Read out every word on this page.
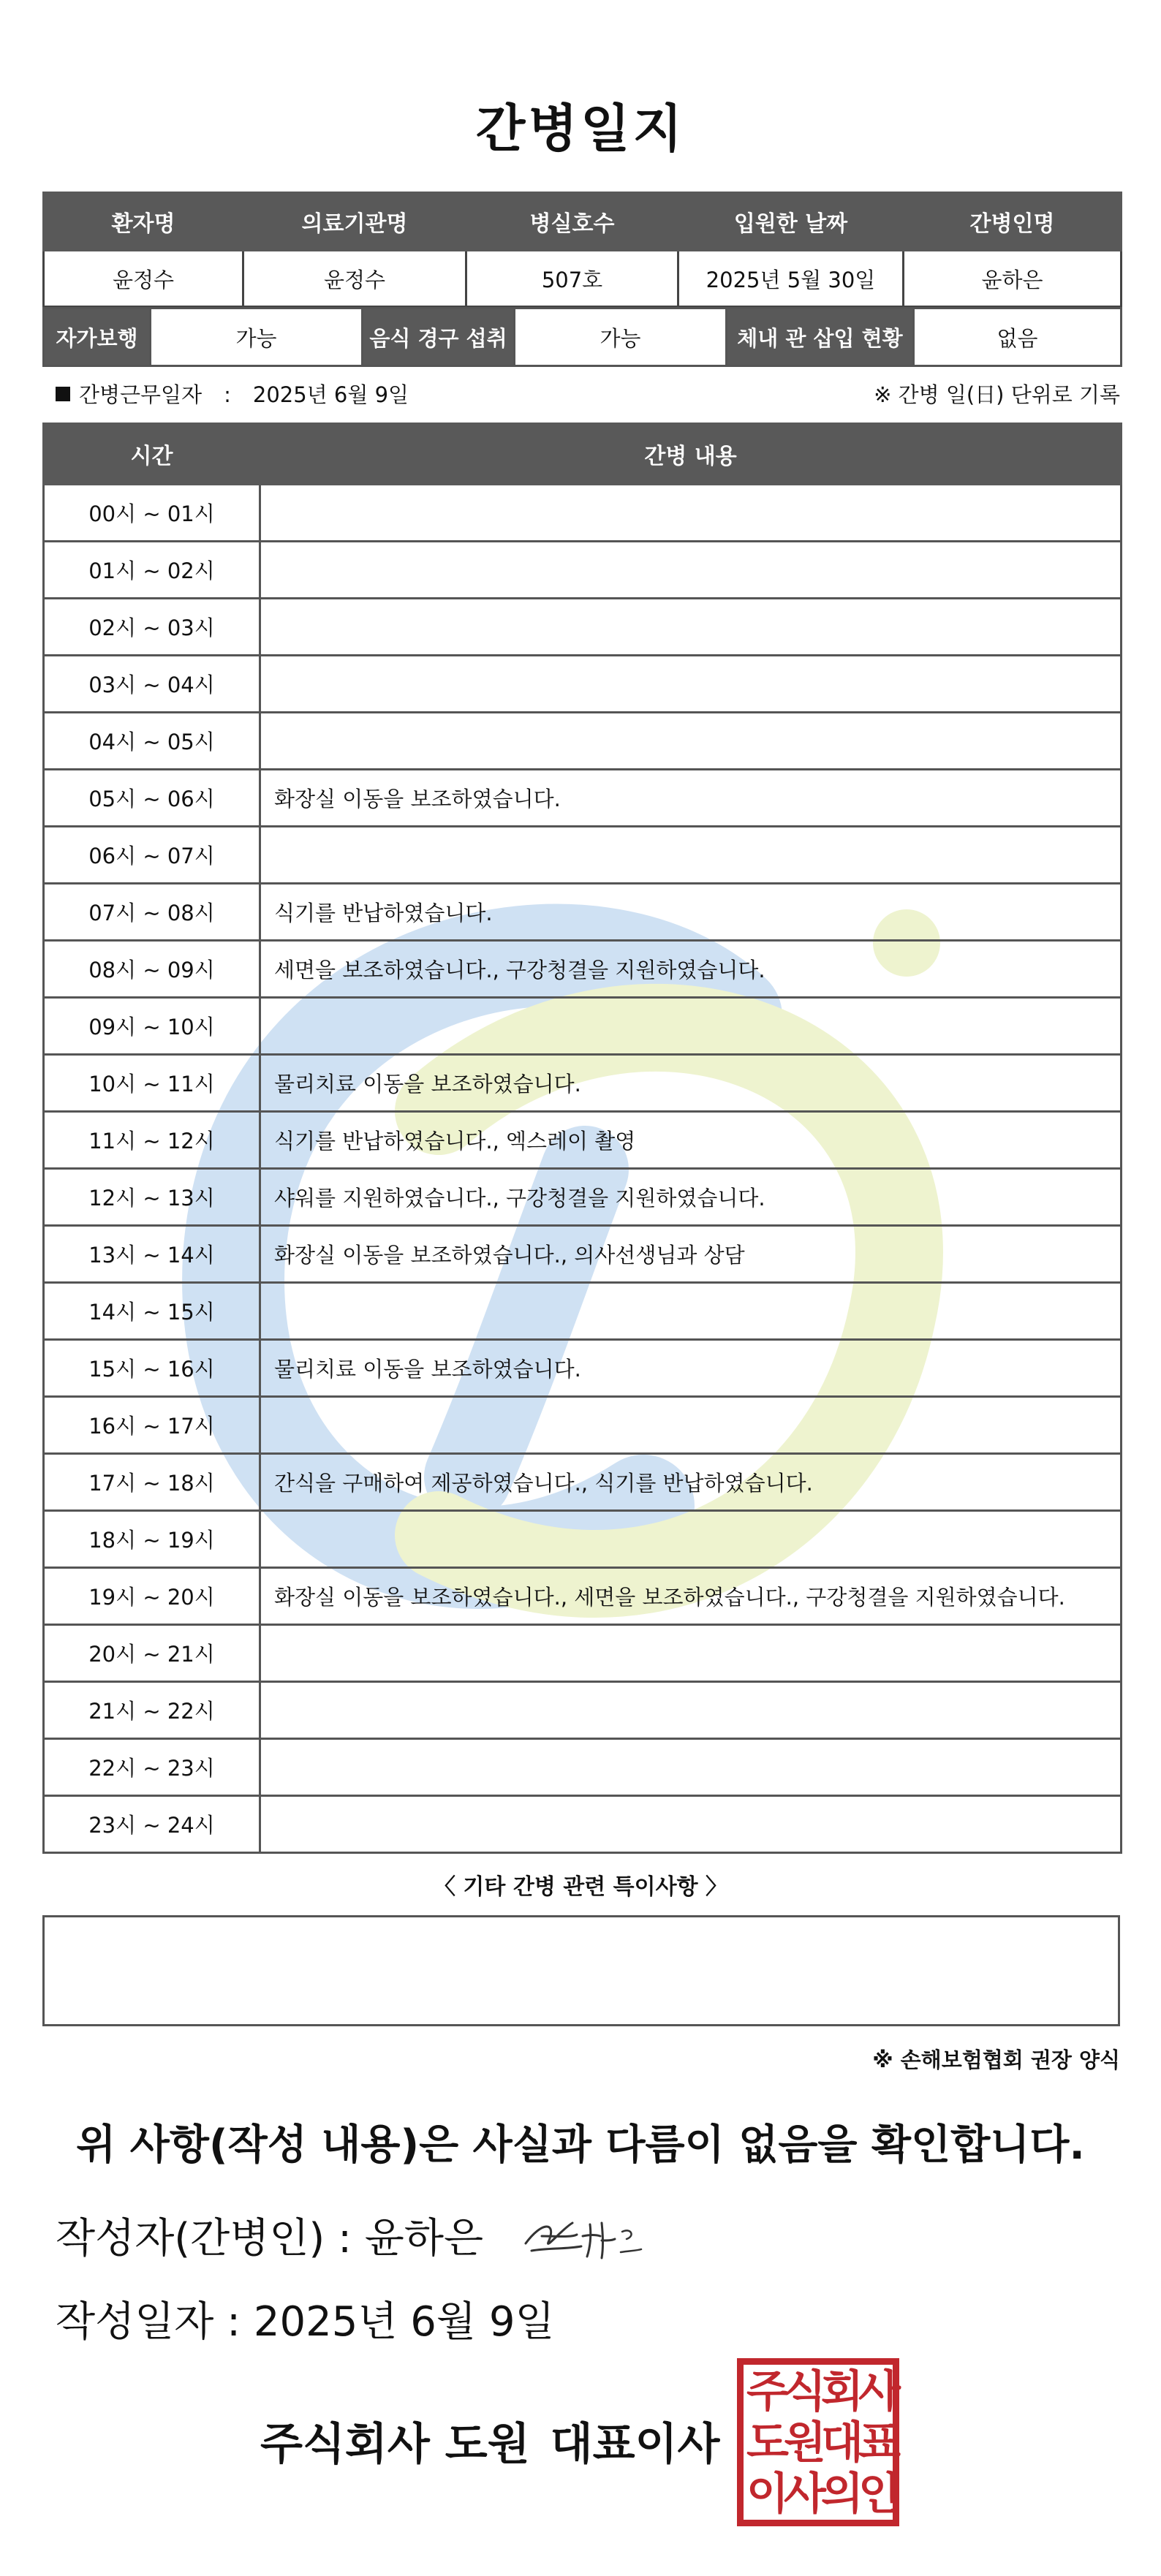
간병일지
환자명	의료기관명	병실호수	입원한 날짜	간병인명
윤정수	윤정수	507호	2025년 5월 30일	윤하은
자가보행	가능	음식 경구 섭취	가능	체내 관 삽입 현황	없음
간병근무일자 : 2025년 6월 9일	※ 간병 일(日) 단위로 기록
시간	간병 내용
00시 ~ 01시	
01시 ~ 02시	
02시 ~ 03시	
03시 ~ 04시	
04시 ~ 05시	
05시 ~ 06시	화장실 이동을 보조하였습니다.
06시 ~ 07시	
07시 ~ 08시	식기를 반납하였습니다.
08시 ~ 09시	세면을 보조하였습니다., 구강청결을 지원하였습니다.
09시 ~ 10시	
10시 ~ 11시	물리치료 이동을 보조하였습니다.
11시 ~ 12시	식기를 반납하였습니다., 엑스레이 촬영
12시 ~ 13시	샤워를 지원하였습니다., 구강청결을 지원하였습니다.
13시 ~ 14시	화장실 이동을 보조하였습니다., 의사선생님과 상담
14시 ~ 15시	
15시 ~ 16시	물리치료 이동을 보조하였습니다.
16시 ~ 17시	
17시 ~ 18시	간식을 구매하여 제공하였습니다., 식기를 반납하였습니다.
18시 ~ 19시	
19시 ~ 20시	화장실 이동을 보조하였습니다., 세면을 보조하였습니다., 구강청결을 지원하였습니다.
20시 ~ 21시	
21시 ~ 22시	
22시 ~ 23시	
23시 ~ 24시	
〈 기타 간병 관련 특이사항 〉
※ 손해보험협회 권장 양식
위 사항(작성 내용)은 사실과 다름이 없음을 확인합니다.
작성자(간병인) : 윤하은
작성일자 : 2025년 6월 9일
주식회사 도원 대표이사
주
식
회
사
도
원
대
표
이
사
의
인
